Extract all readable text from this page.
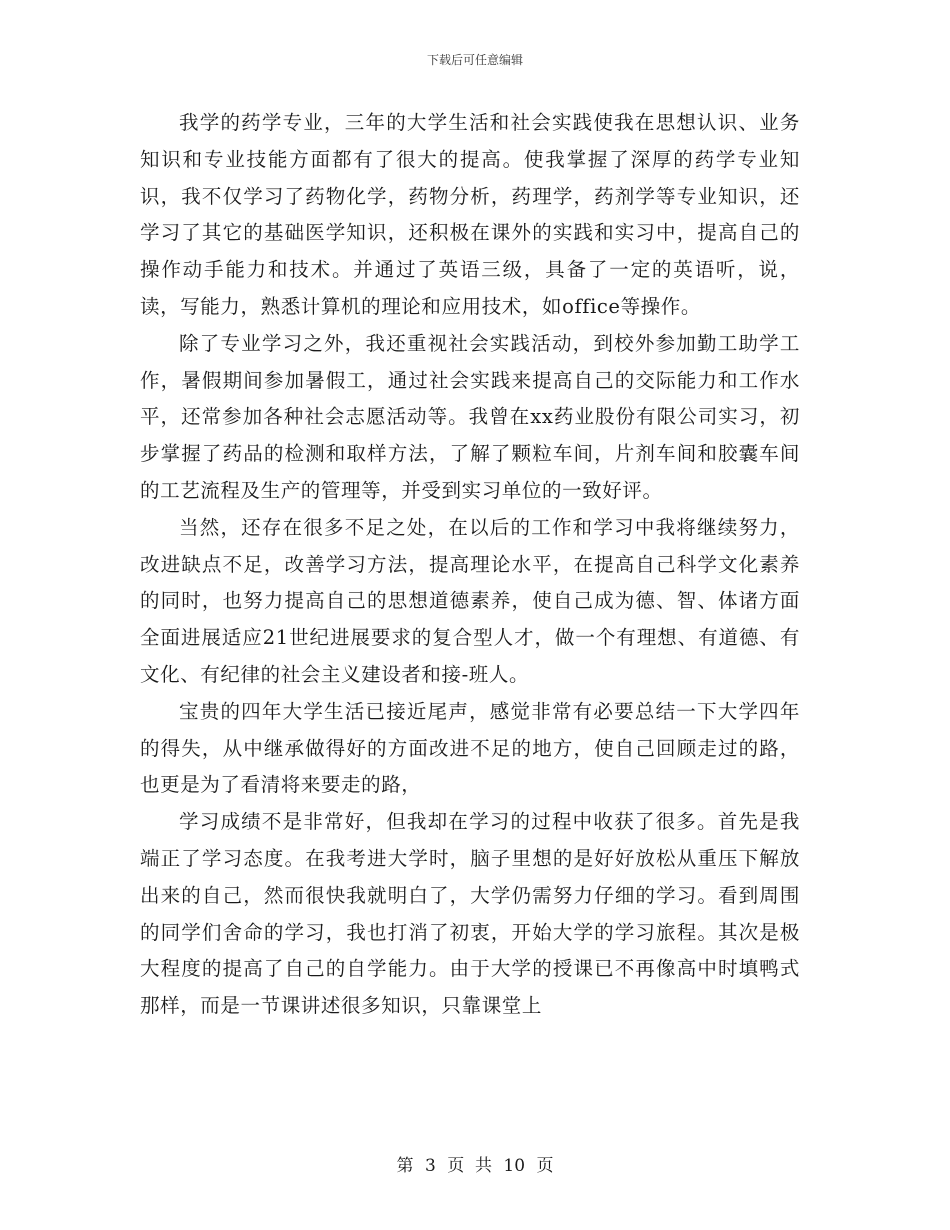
下载后可任意编辑

我学的药学专业，三年的大学生活和社会实践使我在思想认识、业务知识和专业技能方面都有了很大的提高。使我掌握了深厚的药学专业知识，我不仅学习了药物化学，药物分析，药理学，药剂学等专业知识，还学习了其它的基础医学知识，还积极在课外的实践和实习中，提高自己的操作动手能力和技术。并通过了英语三级，具备了一定的英语听，说，读，写能力，熟悉计算机的理论和应用技术，如office等操作。

除了专业学习之外，我还重视社会实践活动，到校外参加勤工助学工作，暑假期间参加暑假工，通过社会实践来提高自己的交际能力和工作水平，还常参加各种社会志愿活动等。我曾在xx药业股份有限公司实习，初步掌握了药品的检测和取样方法，了解了颗粒车间，片剂车间和胶囊车间的工艺流程及生产的管理等，并受到实习单位的一致好评。

当然，还存在很多不足之处，在以后的工作和学习中我将继续努力，改进缺点不足，改善学习方法，提高理论水平，在提高自己科学文化素养的同时，也努力提高自己的思想道德素养，使自己成为德、智、体诸方面全面进展适应21世纪进展要求的复合型人才，做一个有理想、有道德、有文化、有纪律的社会主义建设者和接-班人。

宝贵的四年大学生活已接近尾声，感觉非常有必要总结一下大学四年的得失，从中继承做得好的方面改进不足的地方，使自己回顾走过的路，也更是为了看清将来要走的路，

学习成绩不是非常好，但我却在学习的过程中收获了很多。首先是我端正了学习态度。在我考进大学时，脑子里想的是好好放松从重压下解放出来的自己，然而很快我就明白了，大学仍需努力仔细的学习。看到周围的同学们舍命的学习，我也打消了初衷，开始大学的学习旅程。其次是极大程度的提高了自己的自学能力。由于大学的授课已不再像高中时填鸭式那样，而是一节课讲述很多知识，只靠课堂上

第 3 页  共 10 页
